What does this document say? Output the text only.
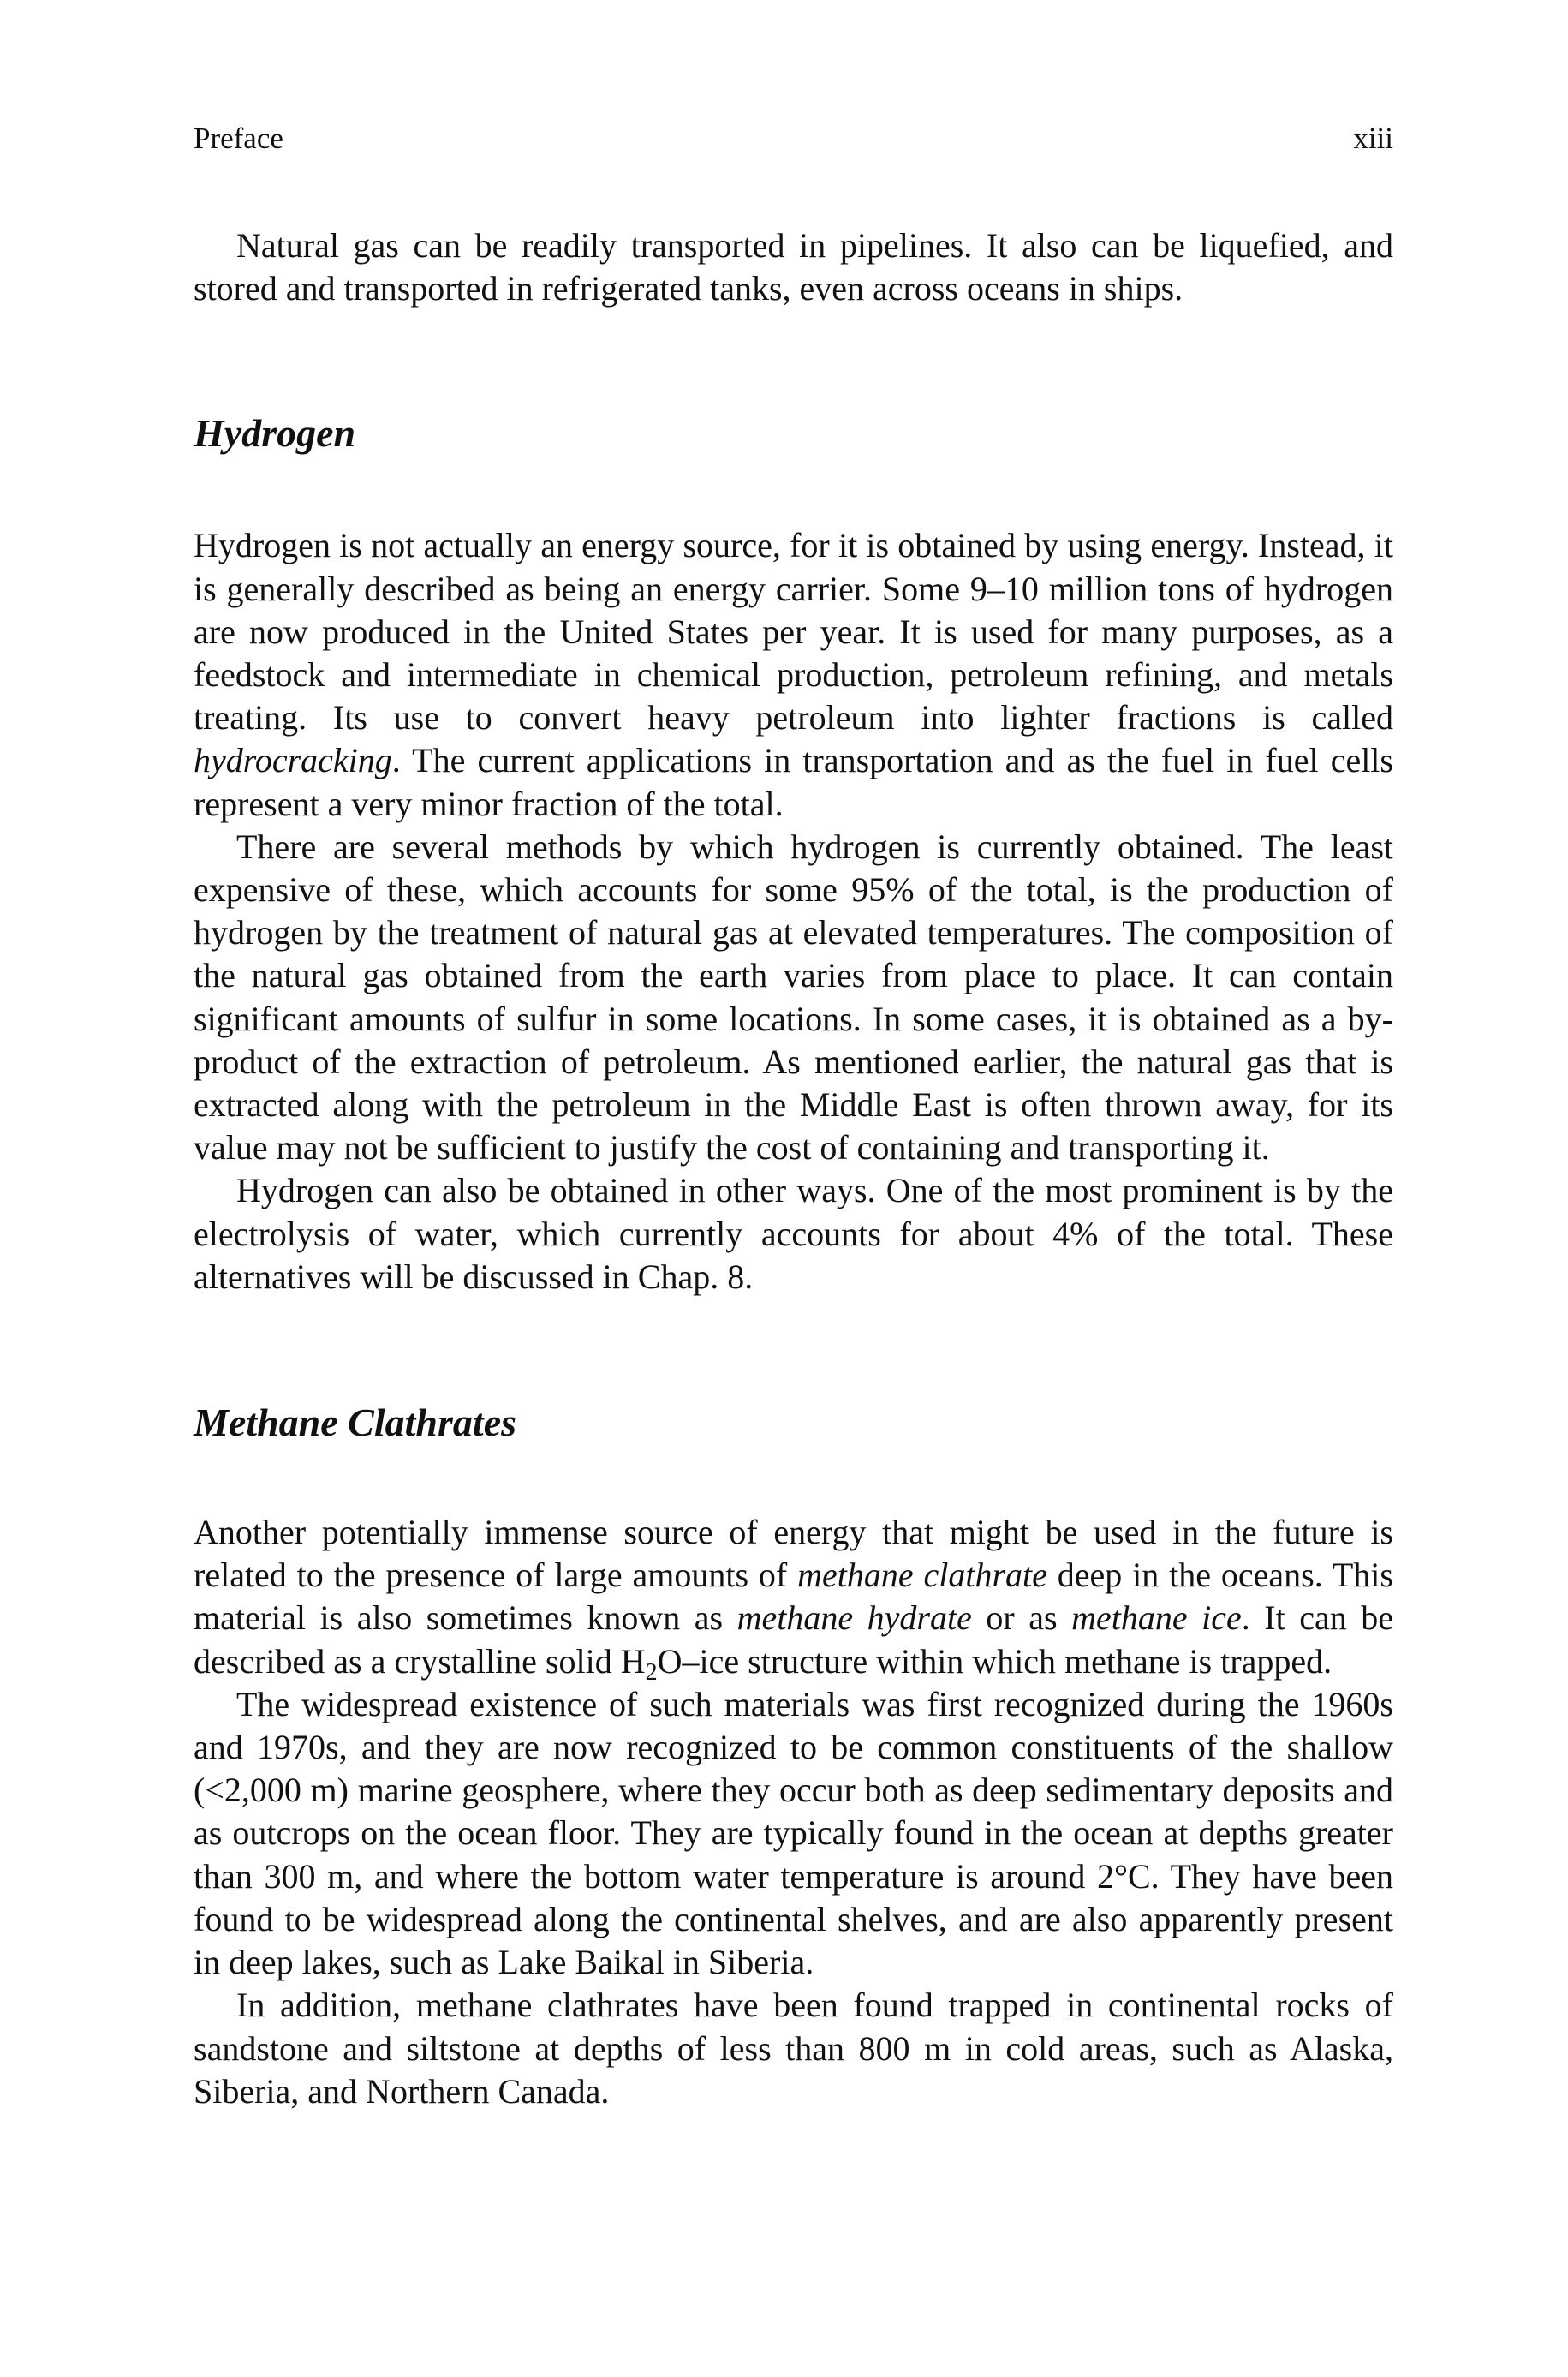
Preface	xiii

Natural gas can be readily transported in pipelines. It also can be liquefied, and stored and transported in refrigerated tanks, even across oceans in ships.

Hydrogen

Hydrogen is not actually an energy source, for it is obtained by using energy. Instead, it is generally described as being an energy carrier. Some 9–10 million tons of hydrogen are now produced in the United States per year. It is used for many purposes, as a feedstock and intermediate in chemical production, petroleum refining, and metals treating. Its use to convert heavy petroleum into lighter fractions is called hydrocracking. The current applications in transportation and as the fuel in fuel cells represent a very minor fraction of the total.

There are several methods by which hydrogen is currently obtained. The least expensive of these, which accounts for some 95% of the total, is the production of hydrogen by the treatment of natural gas at elevated temperatures. The composition of the natural gas obtained from the earth varies from place to place. It can contain significant amounts of sulfur in some locations. In some cases, it is obtained as a byproduct of the extraction of petroleum. As mentioned earlier, the natural gas that is extracted along with the petroleum in the Middle East is often thrown away, for its value may not be sufficient to justify the cost of containing and transporting it.

Hydrogen can also be obtained in other ways. One of the most prominent is by the electrolysis of water, which currently accounts for about 4% of the total. These alternatives will be discussed in Chap. 8.

Methane Clathrates

Another potentially immense source of energy that might be used in the future is related to the presence of large amounts of methane clathrate deep in the oceans. This material is also sometimes known as methane hydrate or as methane ice. It can be described as a crystalline solid $H_2O$–ice structure within which methane is trapped.

The widespread existence of such materials was first recognized during the 1960s and 1970s, and they are now recognized to be common constituents of the shallow (<2,000 m) marine geosphere, where they occur both as deep sedimentary deposits and as outcrops on the ocean floor. They are typically found in the ocean at depths greater than 300 m, and where the bottom water temperature is around 2°C. They have been found to be widespread along the continental shelves, and are also apparently present in deep lakes, such as Lake Baikal in Siberia.

In addition, methane clathrates have been found trapped in continental rocks of sandstone and siltstone at depths of less than 800 m in cold areas, such as Alaska, Siberia, and Northern Canada.
